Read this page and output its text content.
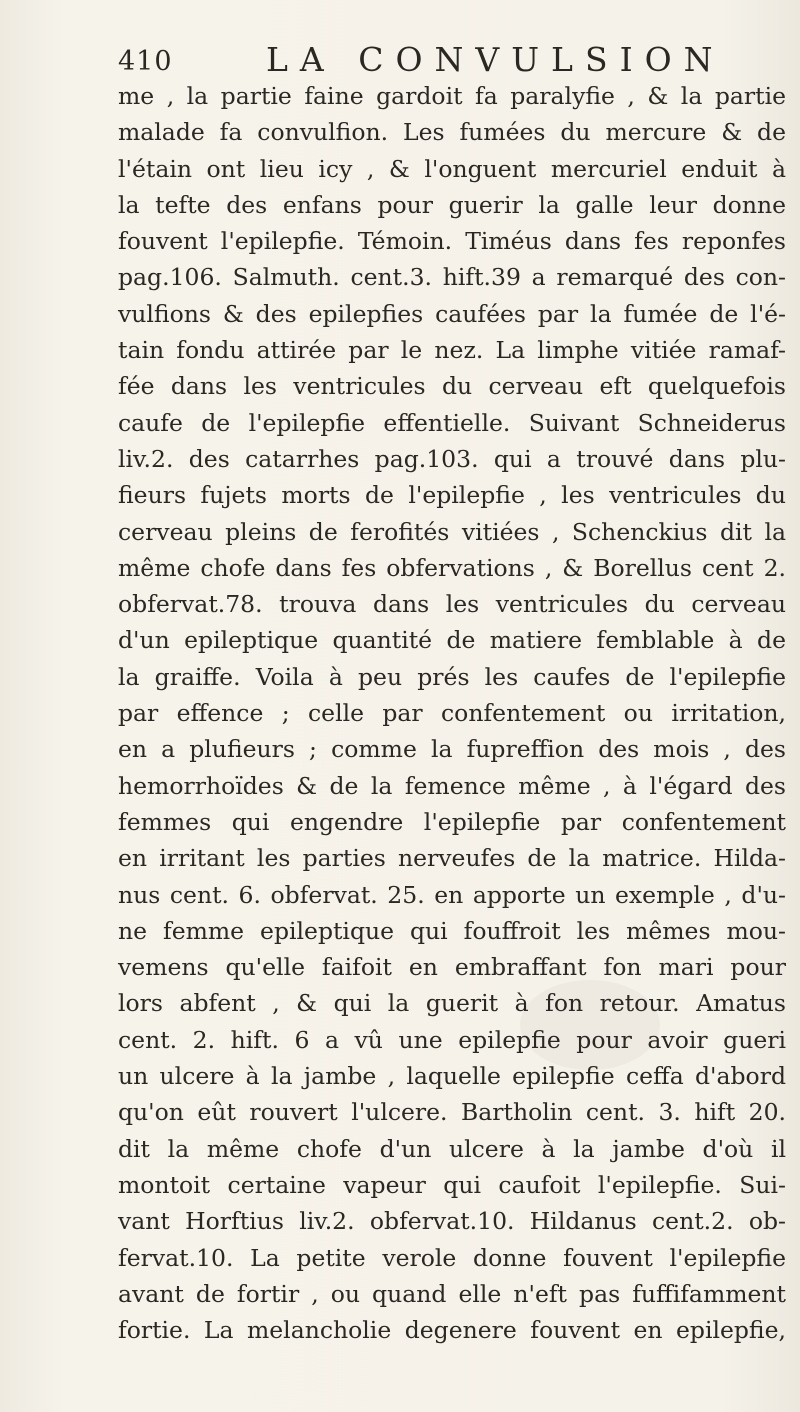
410	LA CONVULSION
me , la partie faine gardoit fa paralyfie , & la partie
malade fa convulfion. Les fumées du mercure & de
l'étain ont lieu icy , & l'onguent mercuriel enduit à
la tefte des enfans pour guerir la galle leur donne
fouvent l'epilepfie. Témoin. Timéus dans fes reponfes
pag.106. Salmuth. cent.3. hift.39 a remarqué des con-
vulfions & des epilepfies caufées par la fumée de l'é-
tain fondu attirée par le nez. La limphe vitiée ramaf-
fée dans les ventricules du cerveau eft quelquefois
caufe de l'epilepfie effentielle. Suivant Schneiderus
liv.2. des catarrhes pag.103. qui a trouvé dans plu-
fieurs fujets morts de l'epilepfie , les ventricules du
cerveau pleins de ferofités vitiées , Schenckius dit la
même chofe dans fes obfervations , & Borellus cent 2.
obfervat.78. trouva dans les ventricules du cerveau
d'un epileptique quantité de matiere femblable à de
la graiffe. Voila à peu prés les caufes de l'epilepfie
par effence ; celle par confentement ou irritation,
en a plufieurs ; comme la fupreffion des mois , des
hemorrhoïdes & de la femence même , à l'égard des
femmes qui engendre l'epilepfie par confentement
en irritant les parties nerveufes de la matrice. Hilda-
nus cent. 6. obfervat. 25. en apporte un exemple , d'u-
ne femme epileptique qui fouffroit les mêmes mou-
vemens qu'elle faifoit en embraffant fon mari pour
lors abfent , & qui la guerit à fon retour. Amatus
cent. 2. hift. 6 a vû une epilepfie pour avoir gueri
un ulcere à la jambe , laquelle epilepfie ceffa d'abord
qu'on eût rouvert l'ulcere. Bartholin cent. 3. hift 20.
dit la même chofe d'un ulcere à la jambe d'où il
montoit certaine vapeur qui caufoit l'epilepfie. Sui-
vant Horftius liv.2. obfervat.10. Hildanus cent.2. ob-
fervat.10. La petite verole donne fouvent l'epilepfie
avant de fortir , ou quand elle n'eft pas fuffifamment
fortie. La melancholie degenere fouvent en epilepfie,
